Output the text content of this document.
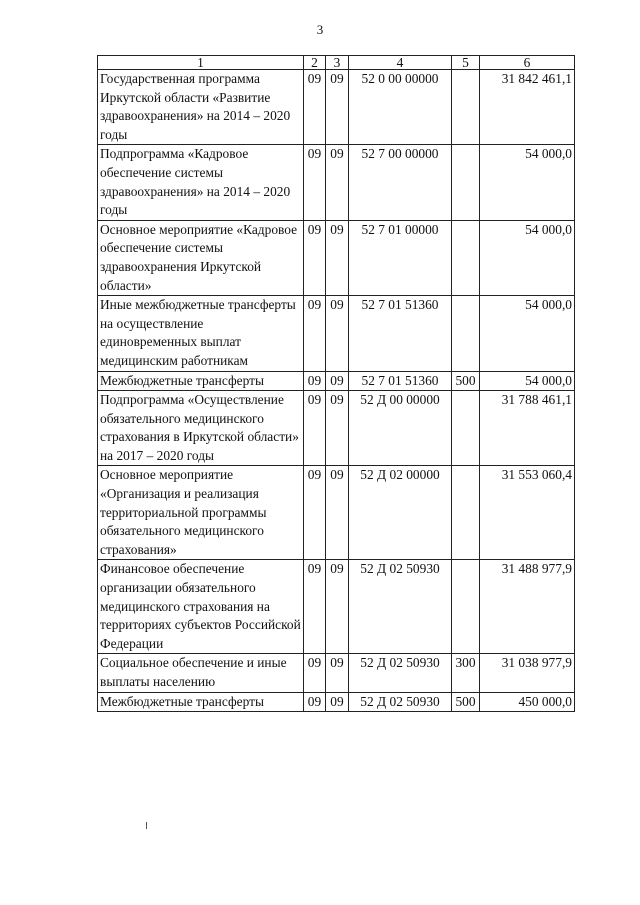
3
1	2	3	4	5	6
Государственная программа Иркутской области «Развитие здравоохранения» на 2014 – 2020 годы	09	09	52 0 00 00000		31 842 461,1
Подпрограмма «Кадровое обеспечение системы здравоохранения» на 2014 – 2020 годы	09	09	52 7 00 00000		54 000,0
Основное мероприятие «Кадровое обеспечение системы здравоохранения Иркутской области»	09	09	52 7 01 00000		54 000,0
Иные межбюджетные трансферты на осуществление единовременных выплат медицинским работникам	09	09	52 7 01 51360		54 000,0
Межбюджетные трансферты	09	09	52 7 01 51360	500	54 000,0
Подпрограмма «Осуществление обязательного медицинского страхования в Иркутской области» на 2017 – 2020 годы	09	09	52 Д 00 00000		31 788 461,1
Основное мероприятие «Организация и реализация территориальной программы обязательного медицинского страхования»	09	09	52 Д 02 00000		31 553 060,4
Финансовое обеспечение организации обязательного медицинского страхования на территориях субъектов Российской Федерации	09	09	52 Д 02 50930		31 488 977,9
Социальное обеспечение и иные выплаты населению	09	09	52 Д 02 50930	300	31 038 977,9
Межбюджетные трансферты	09	09	52 Д 02 50930	500	450 000,0
